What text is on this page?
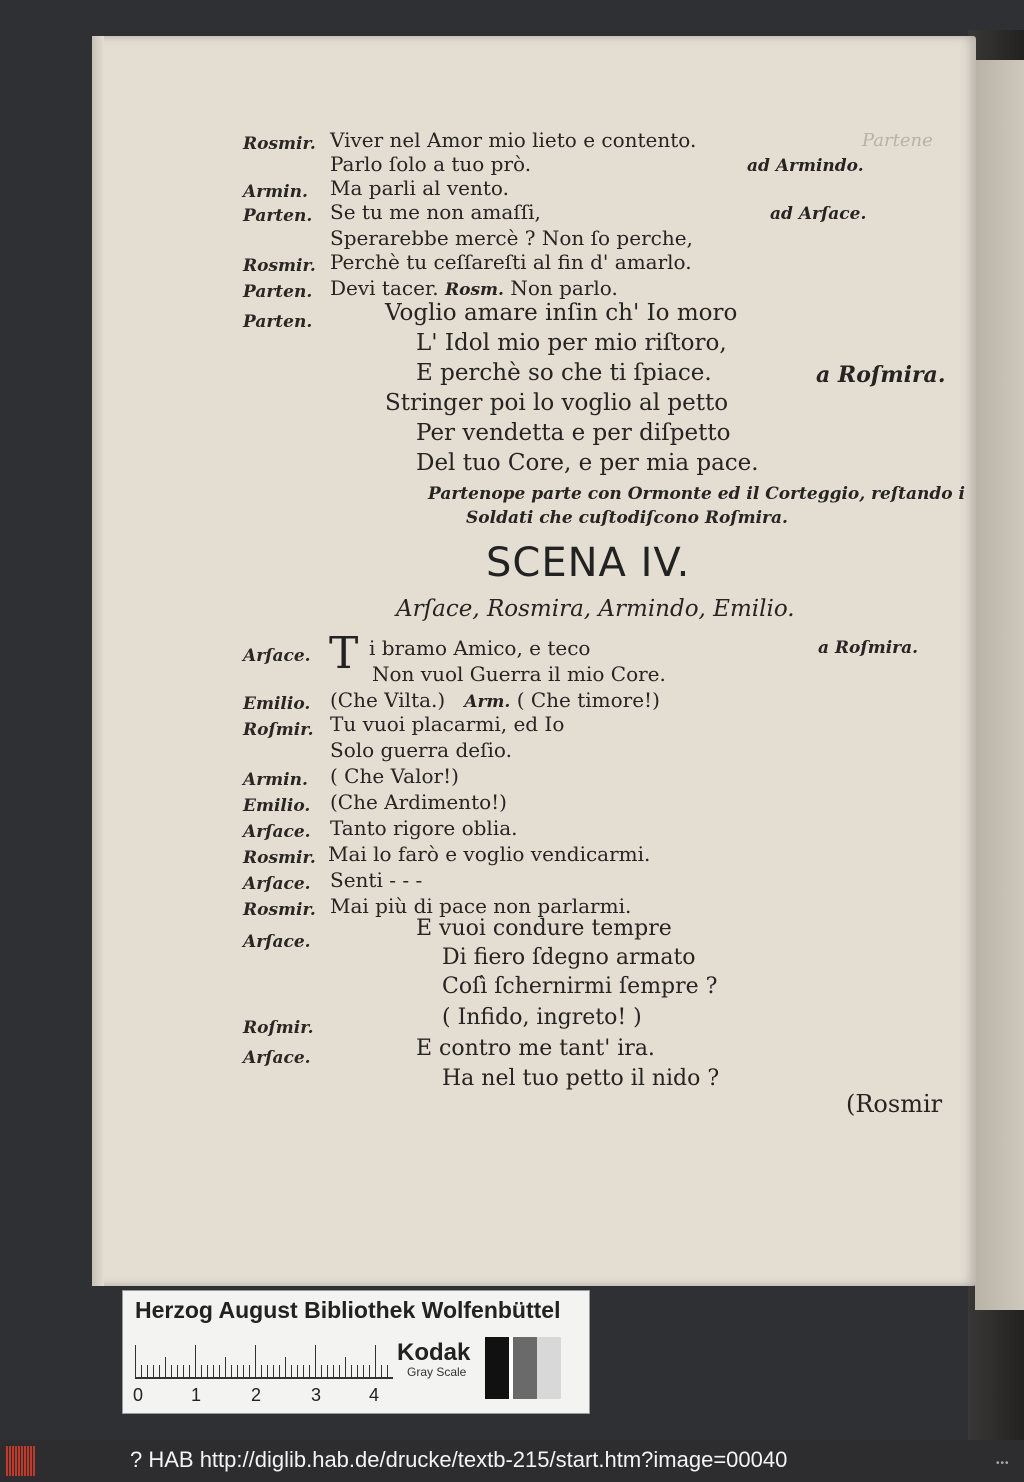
Partene
Rosmir. Viver nel Amor mio lieto e contento.
Parlo ſolo a tuo prò.	ad Armindo.
Armin. Ma parli al vento.
Parten. Se tu me non amaſſi,	ad Arſace.
Sperarebbe mercè ? Non ſo perche,
Rosmir. Perchè tu ceſſareſti al fin d' amarlo.
Parten. Devi tacer. Rosm. Non parlo.
Parten.	Voglio amare inſin ch' Io moro
L' Idol mio per mio riſtoro,
E perchè so che ti ſpiace.	a Roſmira.
Stringer poi lo voglio al petto
Per vendetta e per diſpetto
Del tuo Core, e per mia pace.
Partenope parte con Ormonte ed il Corteggio, reſtando i
Soldati che cuſtodiſcono Roſmira.
SCENA IV.
Arſace, Rosmira, Armindo, Emilio.
T
Arſace.	i bramo Amico, e teco	a Roſmira.
Non vuol Guerra il mio Core.
Emilio. (Che Vilta.) Arm. ( Che timore!)
Roſmir. Tu vuoi placarmi, ed Io
Solo guerra deſio.
Armin. ( Che Valor!)
Emilio. (Che Ardimento!)
Arſace. Tanto rigore oblia.
Rosmir. Mai lo farò e voglio vendicarmi.
Arſace. Senti - - -
Rosmir. Mai più di pace non parlarmi.
Arſace.
E vuoi condure tempre
Di fiero ſdegno armato
Coſì ſchernirmi ſempre ?
Roſmir.	( Infido, ingreto! )
Arſace.	E contro me tant' ira.
Ha nel tuo petto il nido ?
(Rosmir
Herzog August Bibliothek Wolfenbüttel
0	1	2	3	4
Kodak
Gray Scale
? HAB http://diglib.hab.de/drucke/textb-215/start.htm?image=00040	•••
